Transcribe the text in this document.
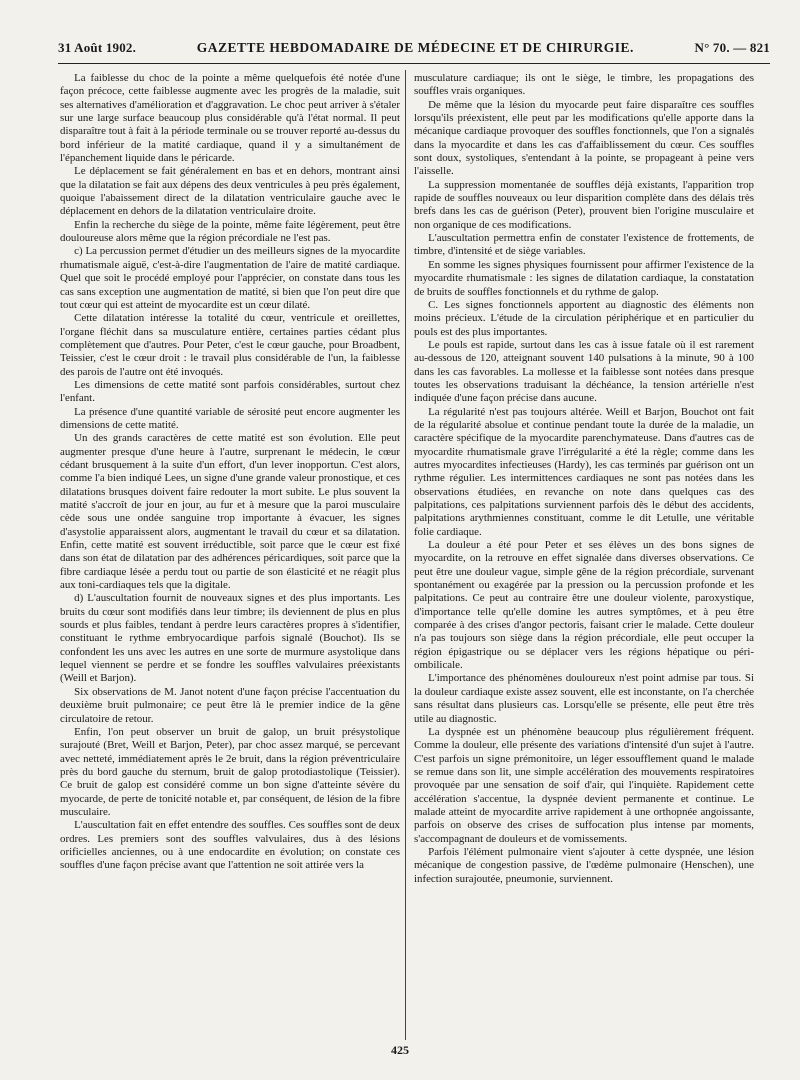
31 Août 1902.	GAZETTE HEBDOMADAIRE DE MÉDECINE ET DE CHIRURGIE.	N° 70. — 821

La faiblesse du choc de la pointe a même quelquefois été notée d'une façon précoce, cette faiblesse augmente avec les progrès de la maladie, suit ses alternatives d'amélioration et d'aggravation. Le choc peut arriver à s'étaler sur une large surface beaucoup plus considérable qu'à l'état normal. Il peut disparaître tout à fait à la période terminale ou se trouver reporté au-dessus du bord inférieur de la matité cardiaque, quand il y a simultanément de l'épanchement liquide dans le péricarde.

Le déplacement se fait généralement en bas et en dehors, montrant ainsi que la dilatation se fait aux dépens des deux ventricules à peu près également, quoique l'abaissement direct de la dilatation ventriculaire gauche avec le déplacement en dehors de la dilatation ventriculaire droite.

Enfin la recherche du siège de la pointe, même faite légèrement, peut être douloureuse alors même que la région précordiale ne l'est pas.

c) La percussion permet d'étudier un des meilleurs signes de la myocardite rhumatismale aiguë, c'est-à-dire l'augmentation de l'aire de matité cardiaque. Quel que soit le procédé employé pour l'apprécier, on constate dans tous les cas sans exception une augmentation de matité, si bien que l'on peut dire que tout cœur qui est atteint de myocardite est un cœur dilaté.

Cette dilatation intéresse la totalité du cœur, ventricule et oreillettes, l'organe fléchit dans sa musculature entière, certaines parties cédant plus complètement que d'autres. Pour Peter, c'est le cœur gauche, pour Broadbent, Teissier, c'est le cœur droit : le travail plus considérable de l'un, la faiblesse des parois de l'autre ont été invoqués.

Les dimensions de cette matité sont parfois considérables, surtout chez l'enfant.

La présence d'une quantité variable de sérosité peut encore augmenter les dimensions de cette matité.

Un des grands caractères de cette matité est son évolution. Elle peut augmenter presque d'une heure à l'autre, surprenant le médecin, le cœur cédant brusquement à la suite d'un effort, d'un lever inopportun. C'est alors, comme l'a bien indiqué Lees, un signe d'une grande valeur pronostique, et ces dilatations brusques doivent faire redouter la mort subite. Le plus souvent la matité s'accroît de jour en jour, au fur et à mesure que la paroi musculaire cède sous une ondée sanguine trop importante à évacuer, les signes d'asystolie apparaissent alors, augmentant le travail du cœur et sa dilatation. Enfin, cette matité est souvent irréductible, soit parce que le cœur est fixé dans son état de dilatation par des adhérences péricardiques, soit parce que la fibre cardiaque lésée a perdu tout ou partie de son élasticité et ne réagit plus aux toni-cardiaques tels que la digitale.

d) L'auscultation fournit de nouveaux signes et des plus importants. Les bruits du cœur sont modifiés dans leur timbre; ils deviennent de plus en plus sourds et plus faibles, tendant à perdre leurs caractères propres à s'identifier, constituant le rythme embryocardique parfois signalé (Bouchot). Ils se confondent les uns avec les autres en une sorte de murmure asystolique dans lequel viennent se perdre et se fondre les souffles valvulaires préexistants (Weill et Barjon).

Six observations de M. Janot notent d'une façon précise l'accentuation du deuxième bruit pulmonaire; ce peut être là le premier indice de la gêne circulatoire de retour.

Enfin, l'on peut observer un bruit de galop, un bruit présystolique surajouté (Bret, Weill et Barjon, Peter), par choc assez marqué, se percevant avec netteté, immédiatement après le 2e bruit, dans la région préventriculaire près du bord gauche du sternum, bruit de galop protodiastolique (Teissier). Ce bruit de galop est considéré comme un bon signe d'atteinte sévère du myocarde, de perte de tonicité notable et, par conséquent, de lésion de la fibre musculaire.

L'auscultation fait en effet entendre des souffles. Ces souffles sont de deux ordres. Les premiers sont des souffles valvulaires, dus à des lésions orificielles anciennes, ou à une endocardite en évolution; on constate ces souffles d'une façon précise avant que l'attention ne soit attirée vers la

musculature cardiaque; ils ont le siège, le timbre, les propagations des souffles vrais organiques.

De même que la lésion du myocarde peut faire disparaître ces souffles lorsqu'ils préexistent, elle peut par les modifications qu'elle apporte dans la mécanique cardiaque provoquer des souffles fonctionnels, que l'on a signalés dans la myocardite et dans les cas d'affaiblissement du cœur. Ces souffles sont doux, systoliques, s'entendant à la pointe, se propageant à peine vers l'aisselle.

La suppression momentanée de souffles déjà existants, l'apparition trop rapide de souffles nouveaux ou leur disparition complète dans des délais très brefs dans les cas de guérison (Peter), prouvent bien l'origine musculaire et non organique de ces modifications.

L'auscultation permettra enfin de constater l'existence de frottements, de timbre, d'intensité et de siège variables.

En somme les signes physiques fournissent pour affirmer l'existence de la myocardite rhumatismale : les signes de dilatation cardiaque, la constatation de bruits de souffles fonctionnels et du rythme de galop.

C. Les signes fonctionnels apportent au diagnostic des éléments non moins précieux. L'étude de la circulation périphérique et en particulier du pouls est des plus importantes.

Le pouls est rapide, surtout dans les cas à issue fatale où il est rarement au-dessous de 120, atteignant souvent 140 pulsations à la minute, 90 à 100 dans les cas favorables. La mollesse et la faiblesse sont notées dans presque toutes les observations traduisant la déchéance, la tension artérielle n'est indiquée d'une façon précise dans aucune.

La régularité n'est pas toujours altérée. Weill et Barjon, Bouchot ont fait de la régularité absolue et continue pendant toute la durée de la maladie, un caractère spécifique de la myocardite parenchymateuse. Dans d'autres cas de myocardite rhumatismale grave l'irrégularité a été la règle; comme dans les autres myocardites infectieuses (Hardy), les cas terminés par guérison ont un rythme régulier. Les intermittences cardiaques ne sont pas notées dans les observations étudiées, en revanche on note dans quelques cas des palpitations, ces palpitations surviennent parfois dès le début des accidents, palpitations arythmiennes constituant, comme le dit Letulle, une véritable folie cardiaque.

La douleur a été pour Peter et ses élèves un des bons signes de myocardite, on la retrouve en effet signalée dans diverses observations. Ce peut être une douleur vague, simple gêne de la région précordiale, survenant spontanément ou exagérée par la pression ou la percussion profonde et les palpitations. Ce peut au contraire être une douleur violente, paroxystique, d'importance telle qu'elle domine les autres symptômes, et à peu être comparée à des crises d'angor pectoris, faisant crier le malade. Cette douleur n'a pas toujours son siège dans la région précordiale, elle peut occuper la région épigastrique ou se déplacer vers les régions hépatique ou péri-ombilicale.

L'importance des phénomènes douloureux n'est point admise par tous. Si la douleur cardiaque existe assez souvent, elle est inconstante, on l'a cherchée sans résultat dans plusieurs cas. Lorsqu'elle se présente, elle peut être très utile au diagnostic.

La dyspnée est un phénomène beaucoup plus régulièrement fréquent. Comme la douleur, elle présente des variations d'intensité d'un sujet à l'autre. C'est parfois un signe prémonitoire, un léger essoufflement quand le malade se remue dans son lit, une simple accélération des mouvements respiratoires provoquée par une sensation de soif d'air, qui l'inquiète. Rapidement cette accélération s'accentue, la dyspnée devient permanente et continue. Le malade atteint de myocardite arrive rapidement à une orthopnée angoissante, parfois on observe des crises de suffocation plus intense par moments, s'accompagnant de douleurs et de vomissements.

Parfois l'élément pulmonaire vient s'ajouter à cette dyspnée, une lésion mécanique de congestion passive, de l'œdème pulmonaire (Henschen), une infection surajoutée, pneumonie, surviennent.

425
